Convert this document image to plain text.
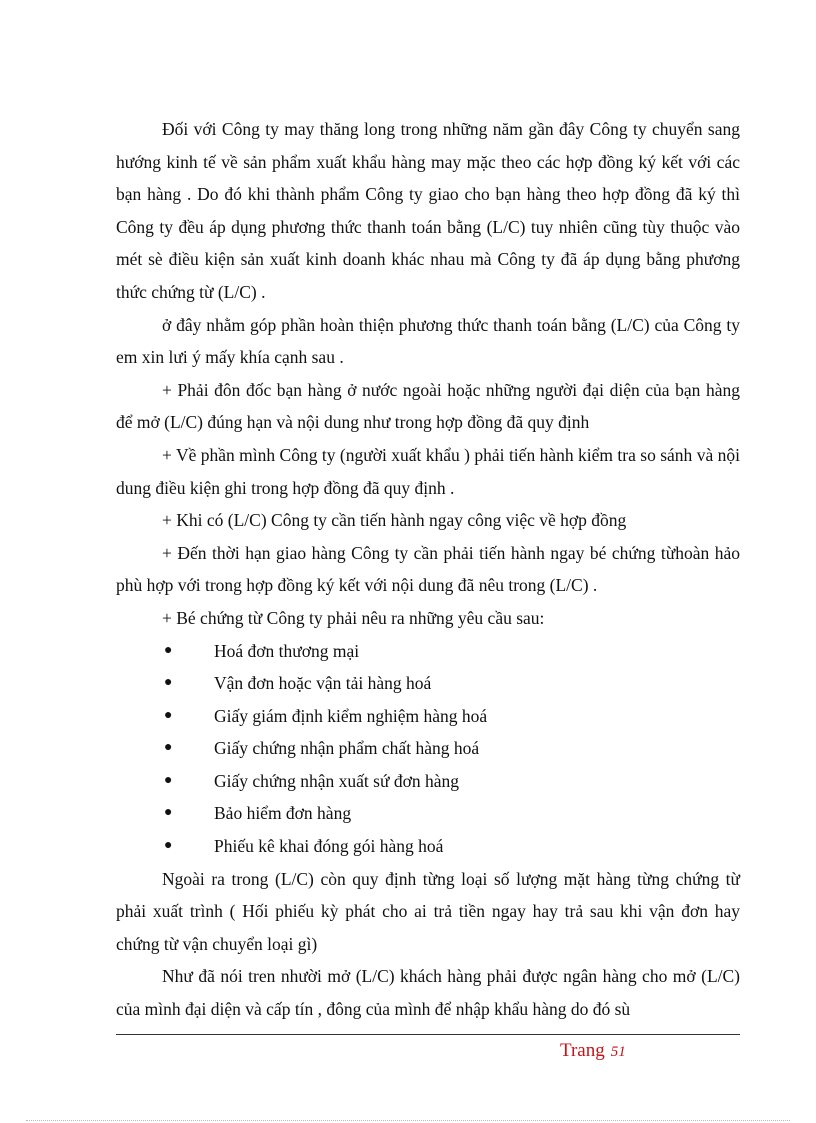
Đối với Công ty may thăng long trong những năm gần đây Công ty chuyển sang hướng kinh tế về sản phẩm xuất khẩu hàng may mặc theo các hợp đồng ký kết với các bạn hàng . Do đó khi thành phẩm Công ty giao cho bạn hàng theo hợp đồng đã ký thì Công ty đều áp dụng phương thức thanh toán bằng (L/C) tuy nhiên cũng tùy thuộc vào mét sè điều kiện sản xuất kinh doanh khác nhau mà Công ty đã áp dụng bằng phương thức chứng từ (L/C) .

ở đây nhằm góp phần hoàn thiện phương thức thanh toán bằng (L/C) của Công ty em xin lưi ý mấy khía cạnh sau .

+ Phải đôn đốc bạn hàng ở nước ngoài hoặc những người đại diện của bạn hàng để mở (L/C) đúng hạn và nội dung như trong hợp đồng đã quy định

+ Về phần mình Công ty (người xuất khẩu ) phải tiến hành kiểm tra so sánh và nội dung điều kiện ghi trong hợp đồng đã quy định .

+ Khi có (L/C) Công ty cần tiến hành ngay công việc về hợp đồng

+ Đến thời hạn giao hàng Công ty cần phải tiến hành ngay bé chứng từhoàn hảo phù hợp với trong hợp đồng ký kết với nội dung đã nêu trong (L/C) .

+ Bé chứng từ Công ty phải nêu ra những yêu cầu sau:

● Hoá đơn thương mại
● Vận đơn hoặc vận tải hàng hoá
● Giấy giám định kiểm nghiệm hàng hoá
● Giấy chứng nhận phẩm chất hàng hoá
● Giấy chứng nhận xuất sứ đơn hàng
● Bảo hiểm đơn hàng
● Phiếu kê khai đóng gói hàng hoá

Ngoài ra trong (L/C) còn quy định từng loại số lượng mặt hàng từng chứng từ phải xuất trình ( Hối phiếu kỳ phát cho ai trả tiền ngay hay trả sau khi vận đơn hay chứng từ vận chuyển loại gì)

Như đã nói tren nhười mở (L/C) khách hàng phải được ngân hàng cho mở (L/C) của mình đại diện và cấp tín , đông của mình để nhập khẩu hàng do đó sù

Trang 51
